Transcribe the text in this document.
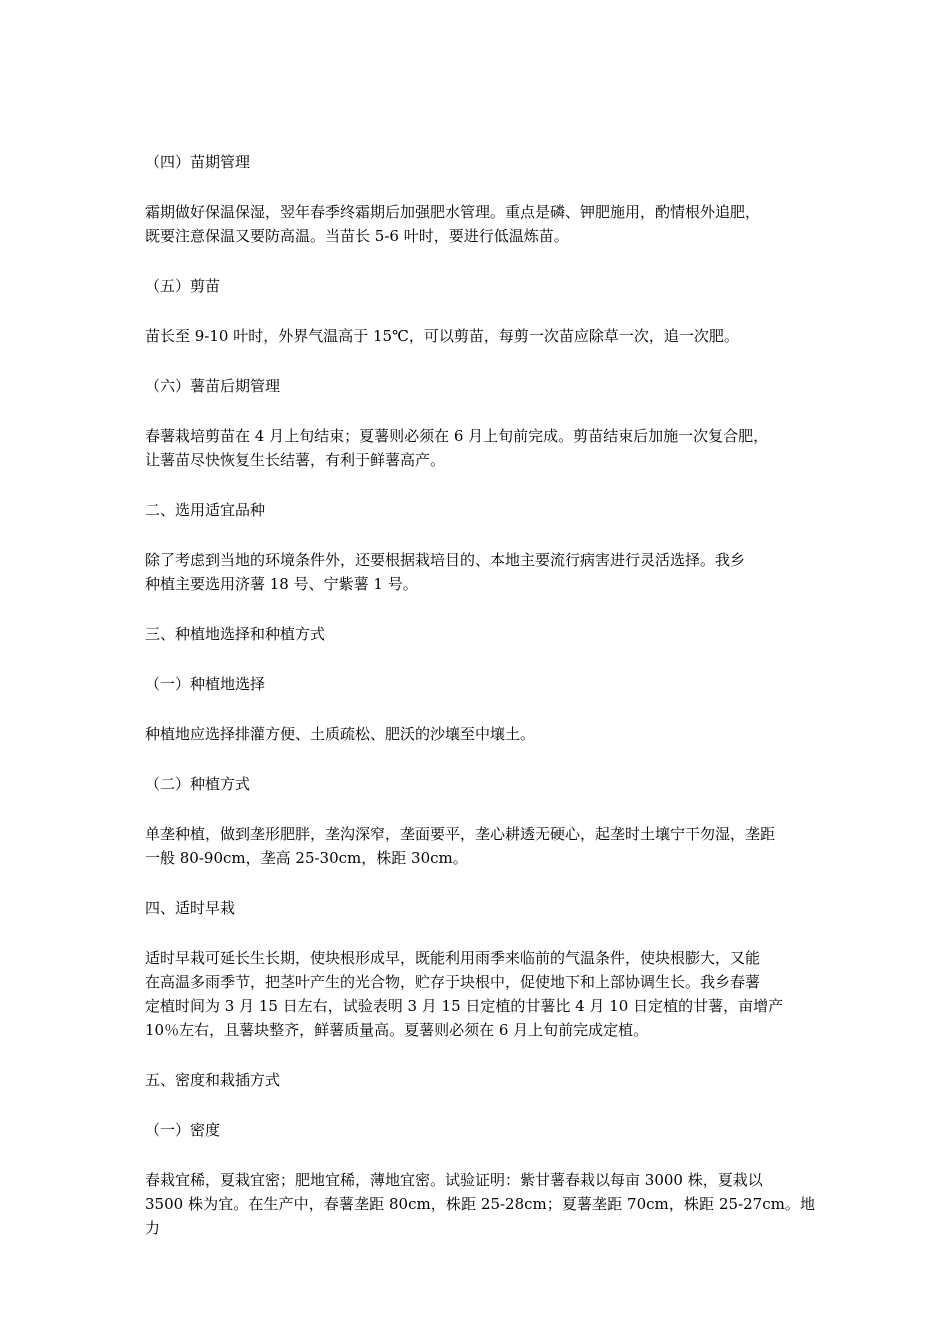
（四）苗期管理

霜期做好保温保湿，翌年春季终霜期后加强肥水管理。重点是磷、钾肥施用，酌情根外追肥，
既要注意保温又要防高温。当苗长 5-6 叶时，要进行低温炼苗。

（五）剪苗

苗长至 9-10 叶时，外界气温高于 15℃，可以剪苗，每剪一次苗应除草一次，追一次肥。

（六）薯苗后期管理

春薯栽培剪苗在 4 月上旬结束；夏薯则必须在 6 月上旬前完成。剪苗结束后加施一次复合肥，
让薯苗尽快恢复生长结薯，有利于鲜薯高产。

二、选用适宜品种

除了考虑到当地的环境条件外，还要根据栽培目的、本地主要流行病害进行灵活选择。我乡
种植主要选用济薯 18 号、宁紫薯 1 号。

三、种植地选择和种植方式

（一）种植地选择

种植地应选择排灌方便、土质疏松、肥沃的沙壤至中壤土。

（二）种植方式

单垄种植，做到垄形肥胖，垄沟深窄，垄面要平，垄心耕透无硬心，起垄时土壤宁干勿湿，垄距
一般 80-90cm，垄高 25-30cm，株距 30cm。

四、适时早栽

适时早栽可延长生长期，使块根形成早，既能利用雨季来临前的气温条件，使块根膨大，又能
在高温多雨季节，把茎叶产生的光合物，贮存于块根中，促使地下和上部协调生长。我乡春薯
定植时间为 3 月 15 日左右，试验表明 3 月 15 日定植的甘薯比 4 月 10 日定植的甘薯，亩增产
10％左右，且薯块整齐，鲜薯质量高。夏薯则必须在 6 月上旬前完成定植。

五、密度和栽插方式

（一）密度

春栽宜稀，夏栽宜密；肥地宜稀，薄地宜密。试验证明：紫甘薯春栽以每亩 3000 株，夏栽以
3500 株为宜。在生产中，春薯垄距 80cm，株距 25-28cm；夏薯垄距 70cm，株距 25-27cm。地力
